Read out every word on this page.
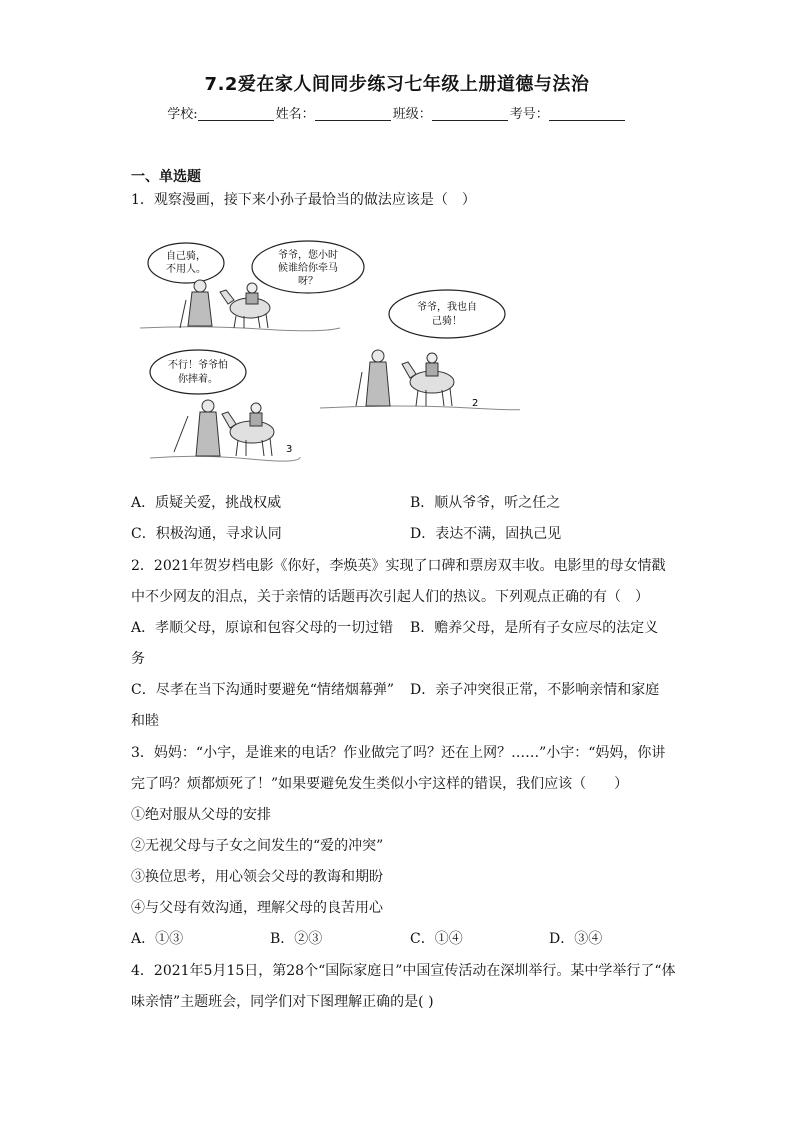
7.2爱在家人间同步练习七年级上册道德与法治
学校:	姓名：	班级：	考号：
一、单选题
1．观察漫画，接下来小孙子最恰当的做法应该是（　）
自己骑，
不用人。
爷爷，您小时
候谁给你牵马
呀？
爷爷，我也自
己骑！
不行！爷爷怕
你摔着。
2
3
A．质疑关爱，挑战权威	B．顺从爷爷，听之任之
C．积极沟通，寻求认同	D．表达不满，固执己见
2．2021年贺岁档电影《你好，李焕英》实现了口碑和票房双丰收。电影里的母女情戳
中不少网友的泪点，关于亲情的话题再次引起人们的热议。下列观点正确的有（　）
A．孝顺父母，原谅和包容父母的一切过错 B．赡养父母，是所有子女应尽的法定义
务
C．尽孝在当下沟通时要避免“情绪烟幕弹” D．亲子冲突很正常，不影响亲情和家庭
和睦
3．妈妈：“小宇，是谁来的电话？作业做完了吗？还在上网？……”小宇：“妈妈，你讲
完了吗？烦都烦死了！”如果要避免发生类似小宇这样的错误，我们应该（　　）
①绝对服从父母的安排
②无视父母与子女之间发生的“爱的冲突”
③换位思考，用心领会父母的教诲和期盼
④与父母有效沟通，理解父母的良苦用心
A．①③	B．②③	C．①④	D．③④
4．2021年5月15日，第28个“国际家庭日”中国宣传活动在深圳举行。某中学举行了“体
味亲情”主题班会，同学们对下图理解正确的是( )
